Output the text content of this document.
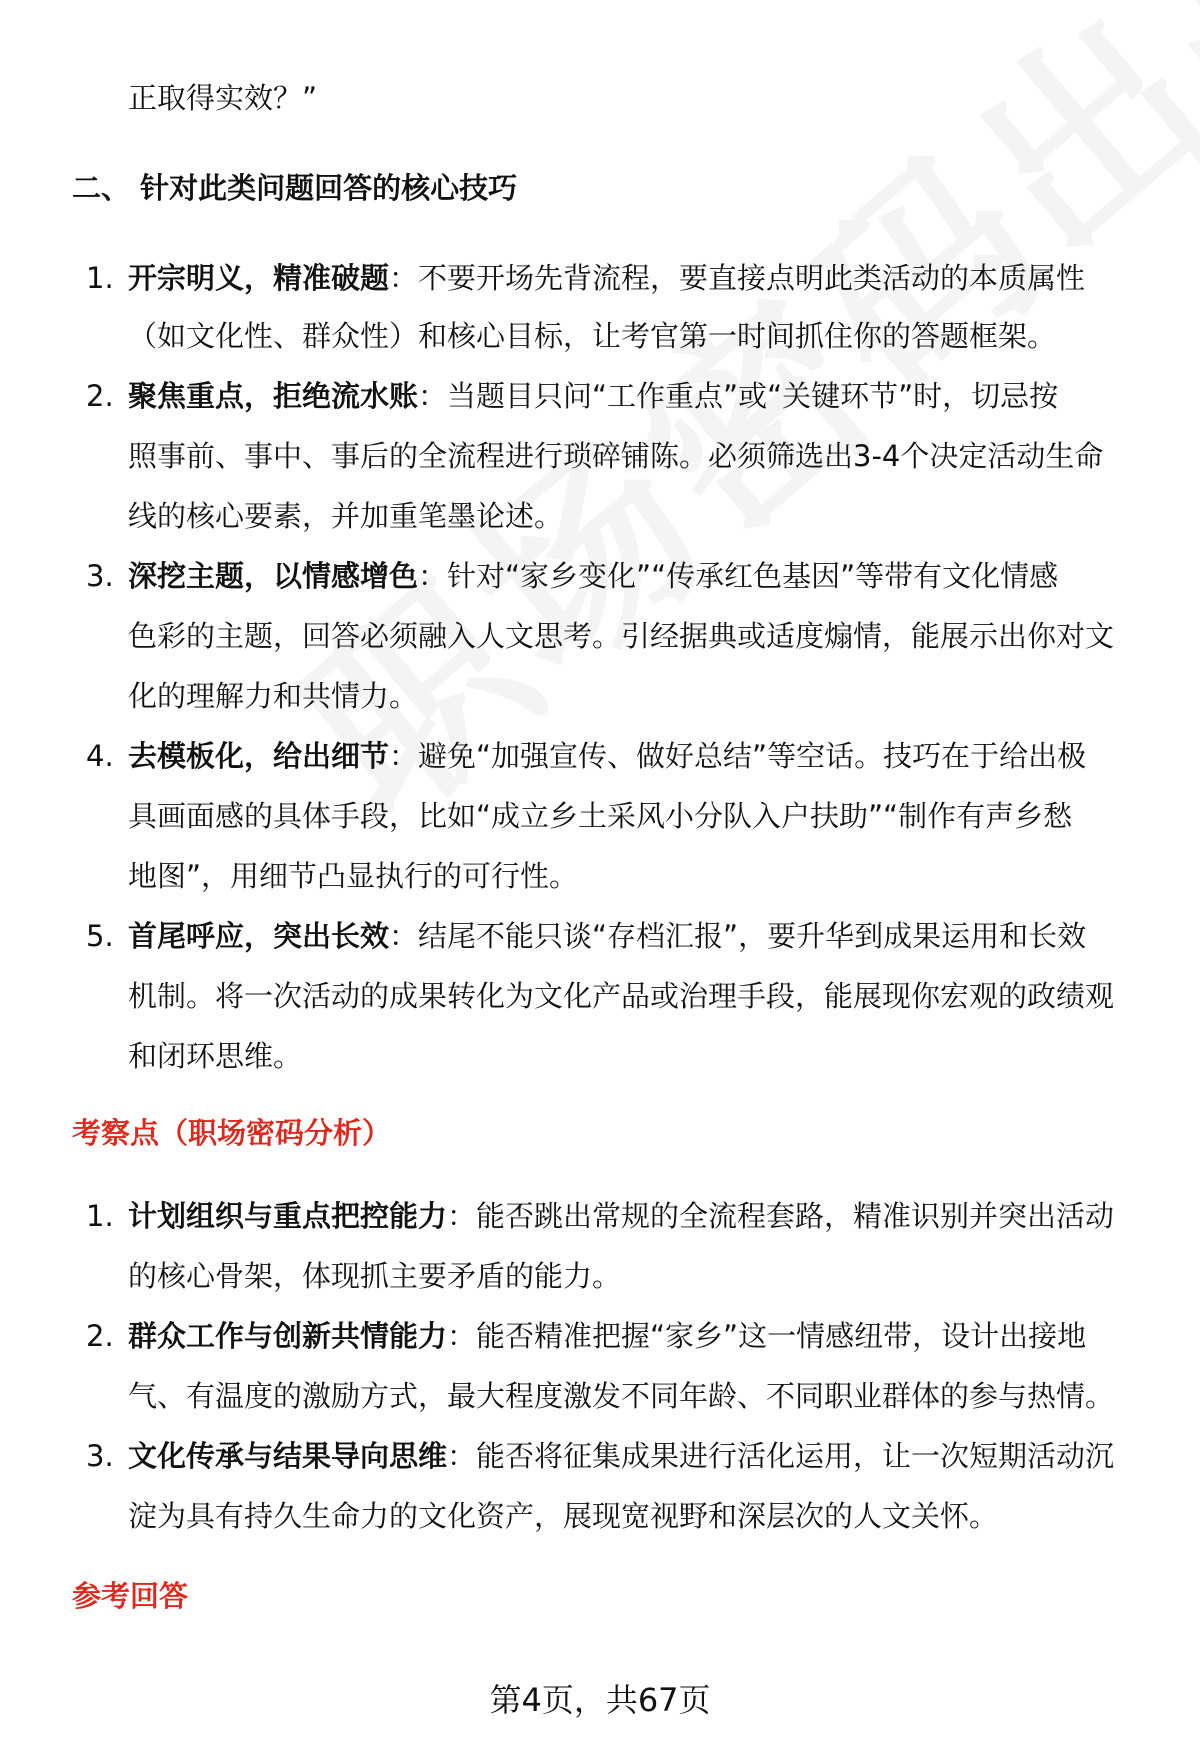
正取得实效？”
二、 针对此类问题回答的核心技巧
1. 开宗明义，精准破题：不要开场先背流程，要直接点明此类活动的本质属性
（如文化性、群众性）和核心目标，让考官第一时间抓住你的答题框架。
2. 聚焦重点，拒绝流水账：当题目只问“工作重点”或“关键环节”时，切忌按
照事前、事中、事后的全流程进行琐碎铺陈。必须筛选出3-4个决定活动生命
线的核心要素，并加重笔墨论述。
3. 深挖主题，以情感增色：针对“家乡变化”“传承红色基因”等带有文化情感
色彩的主题，回答必须融入人文思考。引经据典或适度煽情，能展示出你对文
化的理解力和共情力。
4. 去模板化，给出细节：避免“加强宣传、做好总结”等空话。技巧在于给出极
具画面感的具体手段，比如“成立乡土采风小分队入户扶助”“制作有声乡愁
地图”，用细节凸显执行的可行性。
5. 首尾呼应，突出长效：结尾不能只谈“存档汇报”，要升华到成果运用和长效
机制。将一次活动的成果转化为文化产品或治理手段，能展现你宏观的政绩观
和闭环思维。
考察点（职场密码分析）
1. 计划组织与重点把控能力：能否跳出常规的全流程套路，精准识别并突出活动
的核心骨架，体现抓主要矛盾的能力。
2. 群众工作与创新共情能力：能否精准把握“家乡”这一情感纽带，设计出接地
气、有温度的激励方式，最大程度激发不同年龄、不同职业群体的参与热情。
3. 文化传承与结果导向思维：能否将征集成果进行活化运用，让一次短期活动沉
淀为具有持久生命力的文化资产，展现宽视野和深层次的人文关怀。
参考回答
第4页，共67页
